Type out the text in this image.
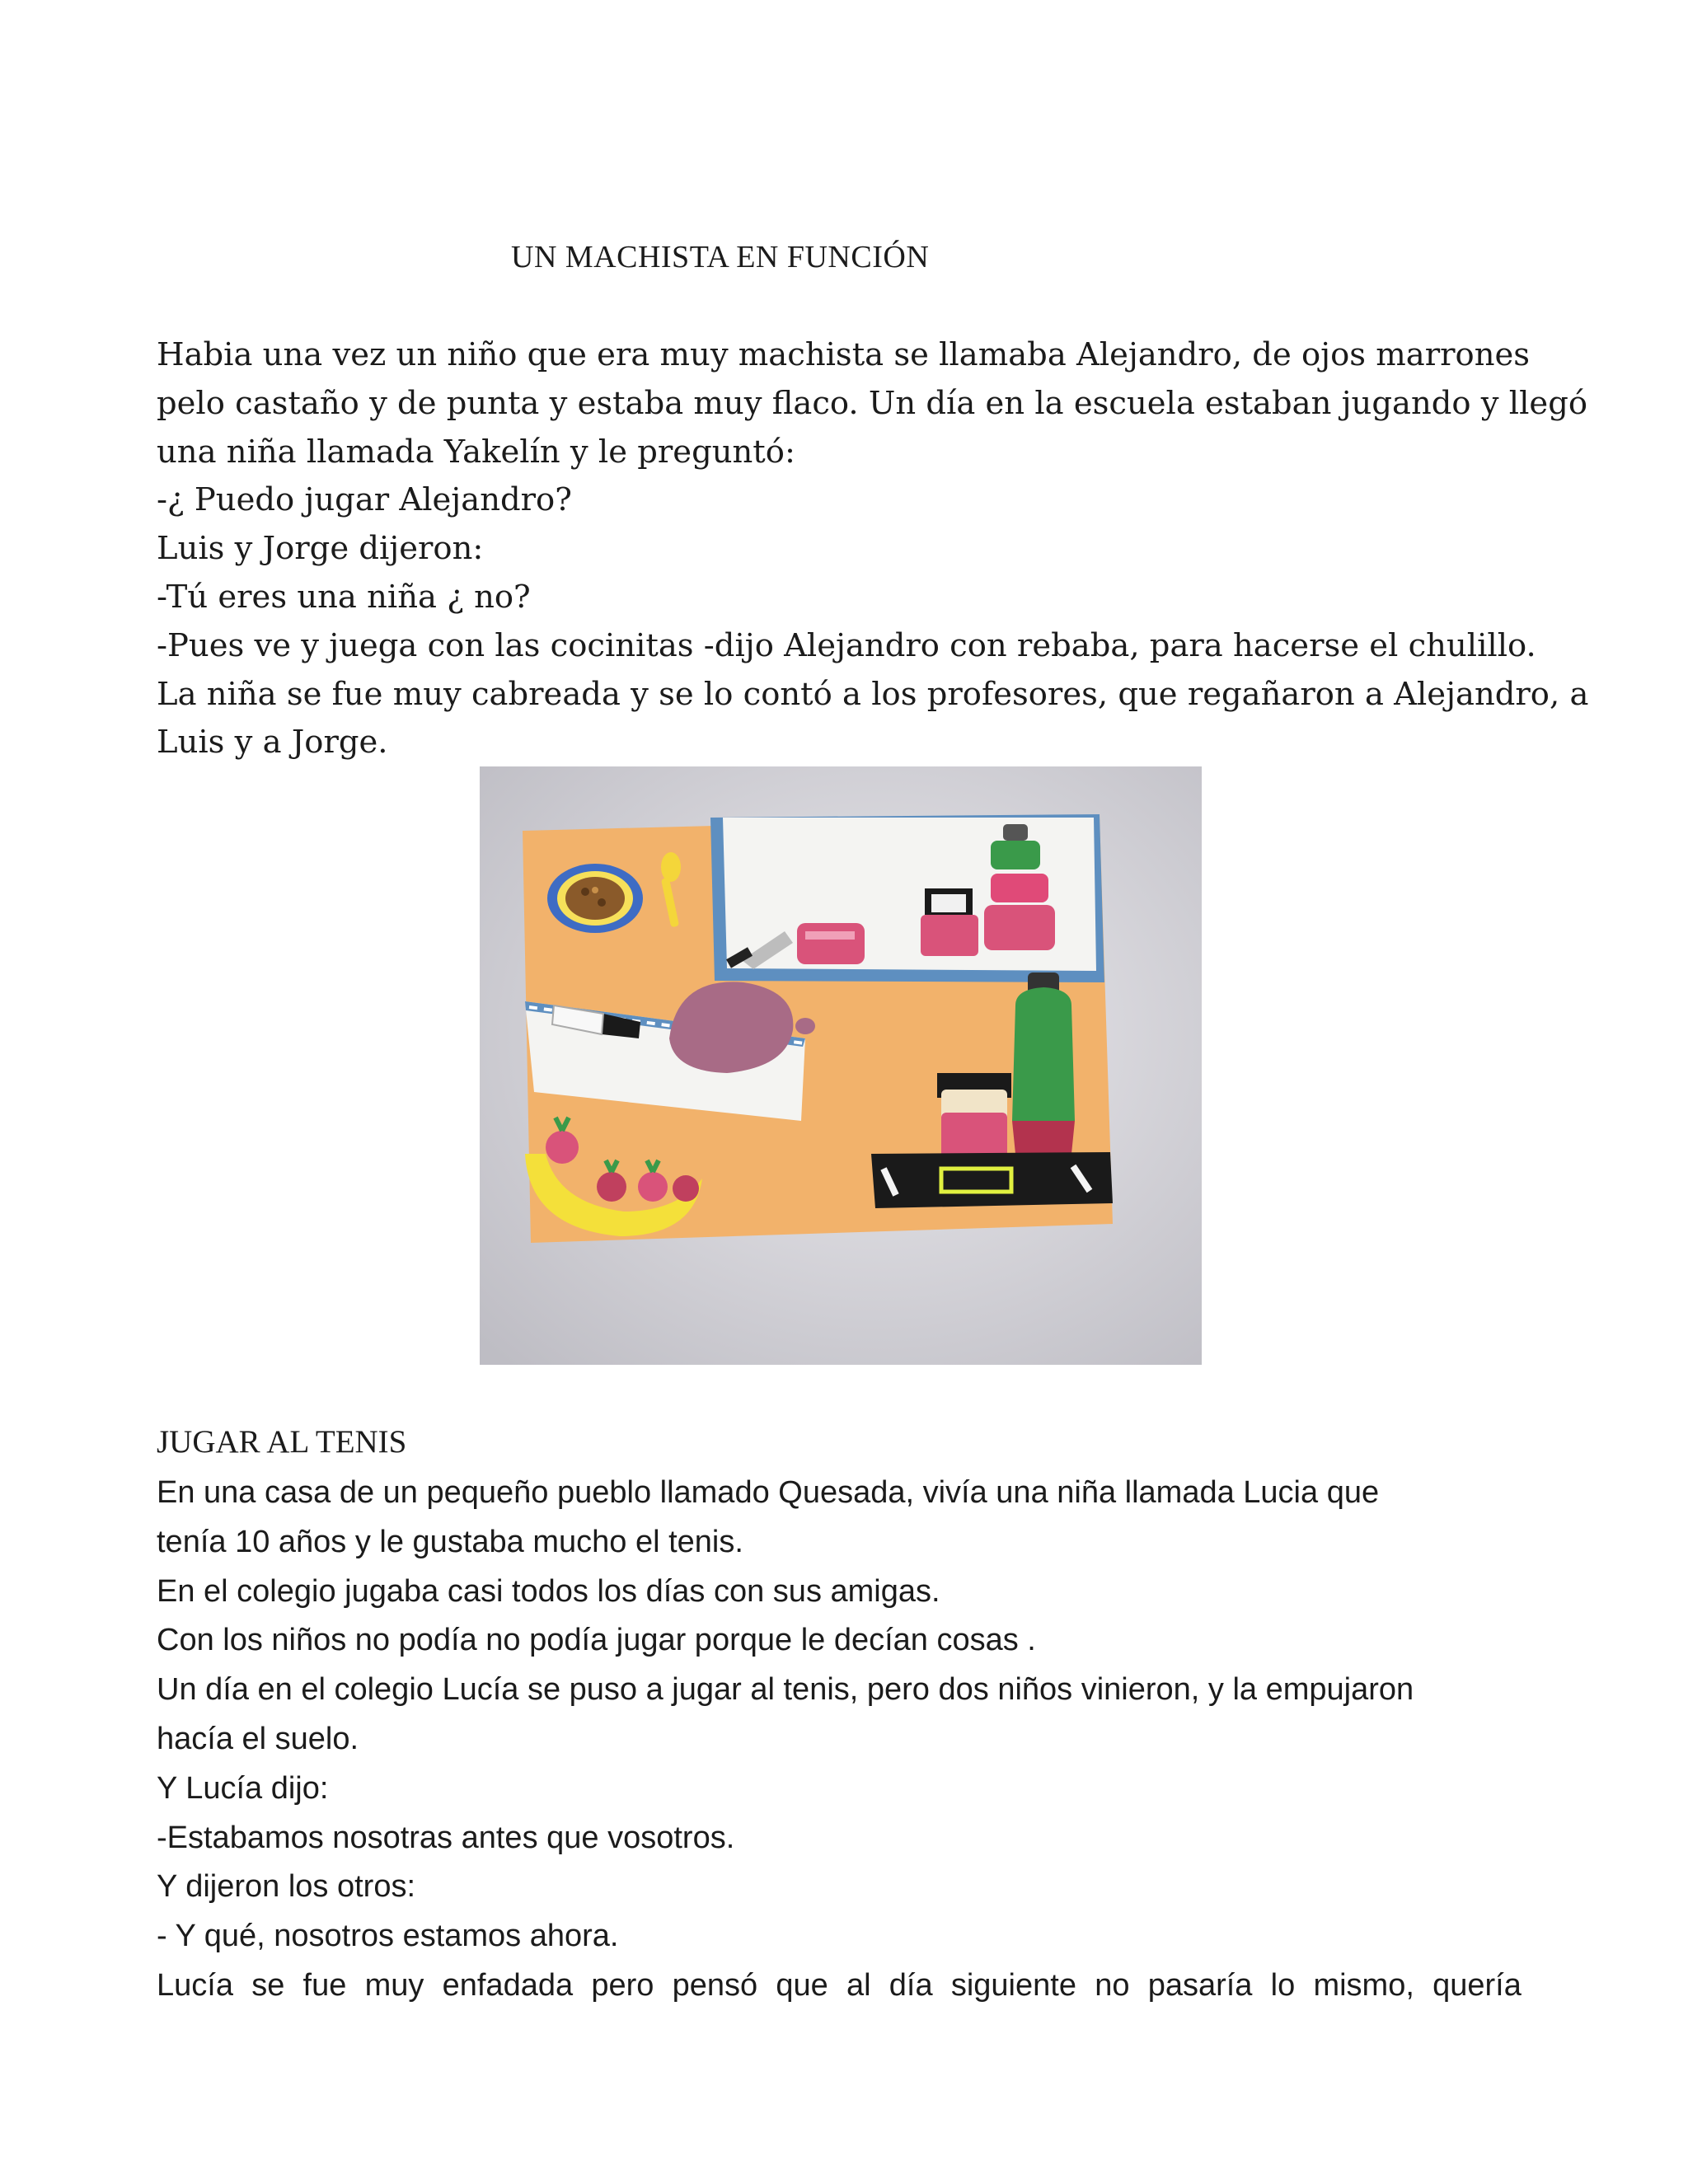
UN MACHISTA EN FUNCIÓN
Habia una vez un niño que era muy machista se llamaba Alejandro, de ojos marrones
pelo castaño y de punta y estaba muy flaco. Un día en la escuela estaban jugando y llegó
una niña llamada Yakelín y le preguntó:
-¿ Puedo jugar Alejandro?
Luis y Jorge dijeron:
-Tú eres una niña ¿ no?
-Pues ve y juega con las cocinitas -dijo Alejandro con rebaba, para hacerse el chulillo.
La niña se fue muy cabreada y se lo contó a los profesores, que regañaron a Alejandro, a
Luis y a Jorge.
JUGAR AL TENIS
En una casa de un pequeño pueblo llamado Quesada, vivía una niña llamada Lucia que
tenía 10 años y le gustaba mucho el tenis.
En el colegio jugaba casi todos los días con sus amigas.
Con los niños no podía no podía jugar porque le decían cosas .
Un día en el colegio Lucía se puso a jugar al tenis, pero dos niños vinieron, y la empujaron
hacía el suelo.
Y Lucía dijo:
-Estabamos nosotras antes que vosotros.
Y dijeron los otros:
- Y qué, nosotros estamos ahora.
Lucía se fue muy enfadada pero pensó que al día siguiente no pasaría lo mismo, quería
